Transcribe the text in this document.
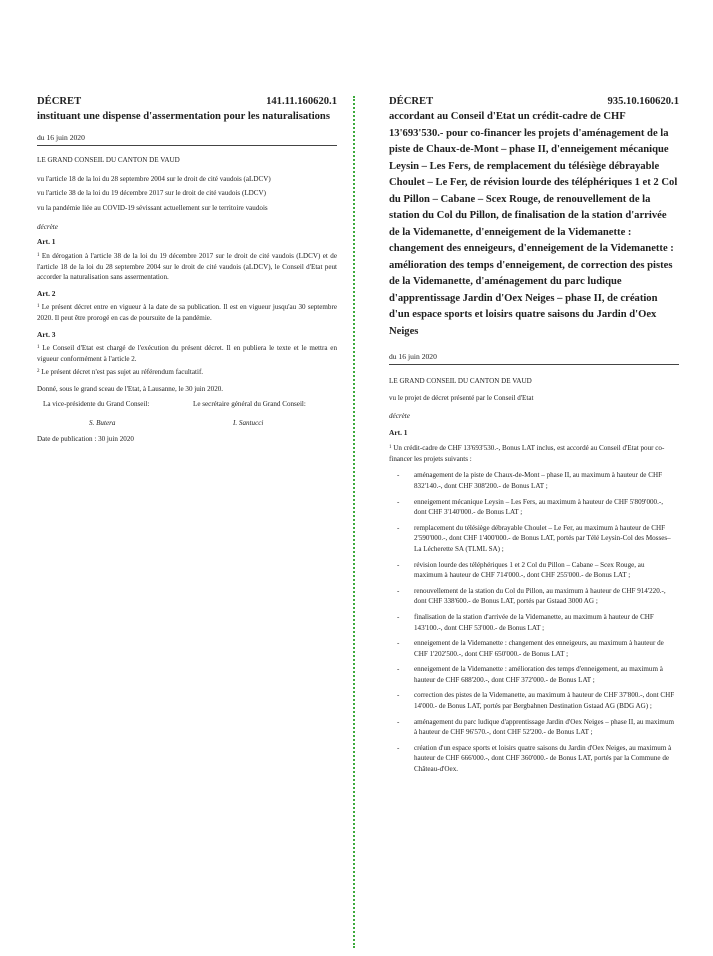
DÉCRET	141.11.160620.1

instituant une dispense d'assermentation pour les naturalisations

du 16 juin 2020
LE GRAND CONSEIL DU CANTON DE VAUD

vu l'article 18 de la loi du 28 septembre 2004 sur le droit de cité vaudois (aLDCV)

vu l'article 38 de la loi du 19 décembre 2017 sur le droit de cité vaudois (LDCV)

vu la pandémie liée au COVID-19 sévissant actuellement sur le territoire vaudois

décrète
Art. 1

$^1$ En dérogation à l'article 38 de la loi du 19 décembre 2017 sur le droit de cité vaudois (LDCV) et de l'article 18 de la loi du 28 septembre 2004 sur le droit de cité vaudois (aLDCV), le Conseil d'Etat peut accorder la naturalisation sans assermentation.

Art. 2

$^1$ Le présent décret entre en vigueur à la date de sa publication. Il est en vigueur jusqu'au 30 septembre 2020. Il peut être prorogé en cas de poursuite de la pandémie.

Art. 3

$^1$ Le Conseil d'Etat est chargé de l'exécution du présent décret. Il en publiera le texte et le mettra en vigueur conformément à l'article 2.

$^2$ Le présent décret n'est pas sujet au référendum facultatif.

Donné, sous le grand sceau de l'Etat, à Lausanne, le 30 juin 2020.

La vice-présidente du Grand Conseil:	Le secrétaire général du Grand Conseil:
S. Butera	I. Santucci

Date de publication : 30 juin 2020

DÉCRET	935.10.160620.1

accordant au Conseil d'Etat un crédit-cadre de CHF 13'693'530.- pour co-financer les projets d'aménagement de la piste de Chaux-de-Mont – phase II, d'enneigement mécanique Leysin – Les Fers, de remplacement du télésiège débrayable Choulet – Le Fer, de révision lourde des téléphériques 1 et 2 Col du Pillon – Cabane – Scex Rouge, de renouvellement de la station du Col du Pillon, de finalisation de la station d'arrivée de la Videmanette, d'enneigement de la Videmanette : changement des enneigeurs, d'enneigement de la Videmanette : amélioration des temps d'enneigement, de correction des pistes de la Videmanette, d'aménagement du parc ludique d'apprentissage Jardin d'Oex Neiges – phase II, de création d'un espace sports et loisirs quatre saisons du Jardin d'Oex Neiges

du 16 juin 2020
LE GRAND CONSEIL DU CANTON DE VAUD

vu le projet de décret présenté par le Conseil d'Etat

décrète
Art. 1

$^1$ Un crédit-cadre de CHF 13'693'530.-, Bonus LAT inclus, est accordé au Conseil d'Etat pour co-financer les projets suivants :

-	aménagement de la piste de Chaux-de-Mont – phase II, au maximum à hauteur de CHF 832'140.-, dont CHF 308'200.- de Bonus LAT ;
-	enneigement mécanique Leysin – Les Fers, au maximum à hauteur de CHF 5'809'000.-, dont CHF 3'140'000.- de Bonus LAT ;
-	remplacement du télésiège débrayable Choulet – Le Fer, au maximum à hauteur de CHF 2'590'000.-, dont CHF 1'400'000.- de Bonus LAT, portés par Télé Leysin-Col des Mosses–La Lécherette SA (TLML SA) ;
-	révision lourde des téléphériques 1 et 2 Col du Pillon – Cabane – Scex Rouge, au maximum à hauteur de CHF 714'000.-, dont CHF 255'000.- de Bonus LAT ;
-	renouvellement de la station du Col du Pillon, au maximum à hauteur de CHF 914'220.-, dont CHF 338'600.- de Bonus LAT, portés par Gstaad 3000 AG ;
-	finalisation de la station d'arrivée de la Videmanette, au maximum à hauteur de CHF 143'100.-, dont CHF 53'000.- de Bonus LAT ;
-	enneigement de la Videmanette : changement des enneigeurs, au maximum à hauteur de CHF 1'202'500.-, dont CHF 650'000.- de Bonus LAT ;
-	enneigement de la Videmanette : amélioration des temps d'enneigement, au maximum à hauteur de CHF 688'200.-, dont CHF 372'000.- de Bonus LAT ;
-	correction des pistes de la Videmanette, au maximum à hauteur de CHF 37'800.-, dont CHF 14'000.- de Bonus LAT, portés par Bergbahnen Destination Gstaad AG (BDG AG) ;
-	aménagement du parc ludique d'apprentissage Jardin d'Oex Neiges – phase II, au maximum à hauteur de CHF 96'570.-, dont CHF 52'200.- de Bonus LAT ;
-	création d'un espace sports et loisirs quatre saisons du Jardin d'Oex Neiges, au maximum à hauteur de CHF 666'000.-, dont CHF 360'000.- de Bonus LAT, portés par la Commune de Château-d'Oex.
